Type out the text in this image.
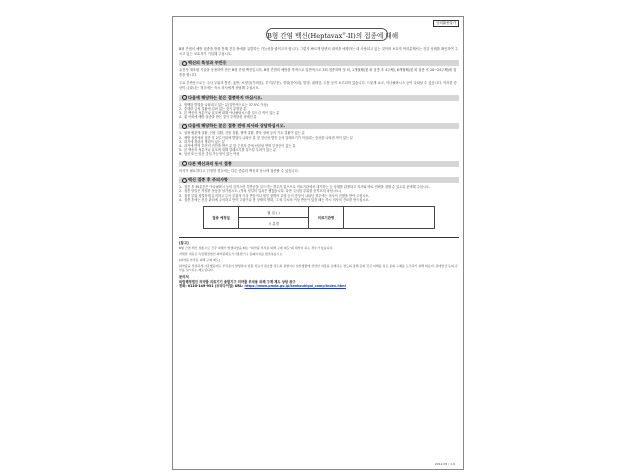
임의활용불가
B형 간염 백신(Heptavax®-II)의 접종에 대해

B형 간염의 예방 접종을 받을 통해 건강 장애를 유발하는 가능성을 줄이고자 합니다. 그렇지 빠르게 답변의 내역을 예방하는 데 사용되고 있는 것이며 보호자 여러분께서는 건강 상태를 확인하여 주시고 있는 보호자가 기입해 주십시오.

백신의 특징과 부반응

유전자 재조합 기술을 응용하여 만든 B형 간염 백신입니다. B형 간염의 예방을 목적으로 일반적으로 3회 접종하며 첫 회, 1개월째(첫 회 접종 후 4주째), 6개월째(첫 회 접종 후 20~24주째)에 접종을 합니다.

주요 부반응으로는 주사 부위의 통증, 홍반, 소양감(가려움), 부기(부종), 경결(응어리), 발열, 권태감, 두통 등이 보고되어 있습니다. 드물게 쇼크, 아나필락시스 등이 나타날 수 있습니다. 이러한 증상이 나타나는 경우에는 즉시 의사에게 상담해 주십시오.

다음에 해당하는 분은 접종하지 마십시오.
1. 명백한 발열을 나타내고 있는 분(일반적으로는 37.5℃ 이상)
2. 중대한 급성 질환에 걸려 있는 것이 분명한 분
3. 본 백신의 성분이나 효모에 대해 아나필락시스를 일으킨 적이 있는 분
4. 위 이외에 예방 접종을 받는 것이 부적당한 상태인 분
다음에 해당하는 분은 접종 전에 의사와 상담하십시오.
1. 심장 혈관계 질환, 신장 질환, 간장 질환, 혈액 질환, 발육 장애 등의 기초 질환이 있는 분
2. 예방 접종에서 접종 후 2일 이내에 발열이 나타난 분 및 전신성 발진 등의 알레르기가 의심되는 증상을 나타낸 적이 있는 분
3. 과거에 경련의 병력이 있는 분
4. 과거에 면역 부전의 진단을 받은 분 및 근친자 중에 선천성 면역 부전증이 있는 분
5. 본 백신의 성분이나 효모에 대해 알레르기를 일으킬 우려가 있는 분
6. 임신 또는 임신 중일 가능성이 있는 여성
다른 백신과의 동시 접종

의사가 필요하다고 인정한 경우에는 다른 종류의 백신과 동시에 접종할 수 있습니다.

백신 접종 후 주의사항
1. 접종 후 30분간은 아나필락시 등의 갑작스런 부반응을 일으키는 경우가 있으므로 의료기관에서 대기하는 등 상태를 관찰하고 의사와 바로 연락을 취할 수 있도록 준비해 주십시오.
2. 접종 당일은 격렬한 운동을 삼가십시오. (목욕 당일의 입욕은 괜찮습니다. 다만 주사한 부위를 문지르지 마십시오.)
3. 접종 부위 청결하게 유지하고 주사 부위의 이상 반응이나 원인 불명의 고열 등의 증상이 나타난 경우에는 의사의 진찰을 받아 주십시오.
4. 접종 후에는 건강 관리에 주의하고 만약 고열이나 몸 상태의 변화, 그 외 국소의 이상 반응이 있을 때는 즉시 의사의 진료를 받으십시오.
접종 예정일	월 일 ( )	의료기관명	
시 분경

[참고]

B형 간염 백신 접종으로 건강 피해가 발생하였을 때는 "의약품 부작용 피해 구제 제도"의 대상이 되는 경우가 있습니다.

자세한 내용은 독립행정법인 의약품의료기기종합기구 홈페이지를 참조하십시오.

[의약품 부작용 피해 구제 제도]

의약품을 적정하게 사용했음에도 부작용이 발생하여 입원 치료가 필요할 정도의 질병이나 일상생활에 상당한 지장을 초래하는 정도의 장해 등의 건강 피해를 입은 분의 구제를 도모하기 위해 의료비, 장애연금 등의 급부를 실시하는 제도입니다.

문의처

독립행정법인 의약품 의료기기 종합기구 의약품 부작용 피해 구제 제도 상담 창구

전화: 0120-149-931 (프리다이얼) URL: https://www.pmda.go.jp/kenkouhigai_camp/index.html

2012.05 / 1.0
